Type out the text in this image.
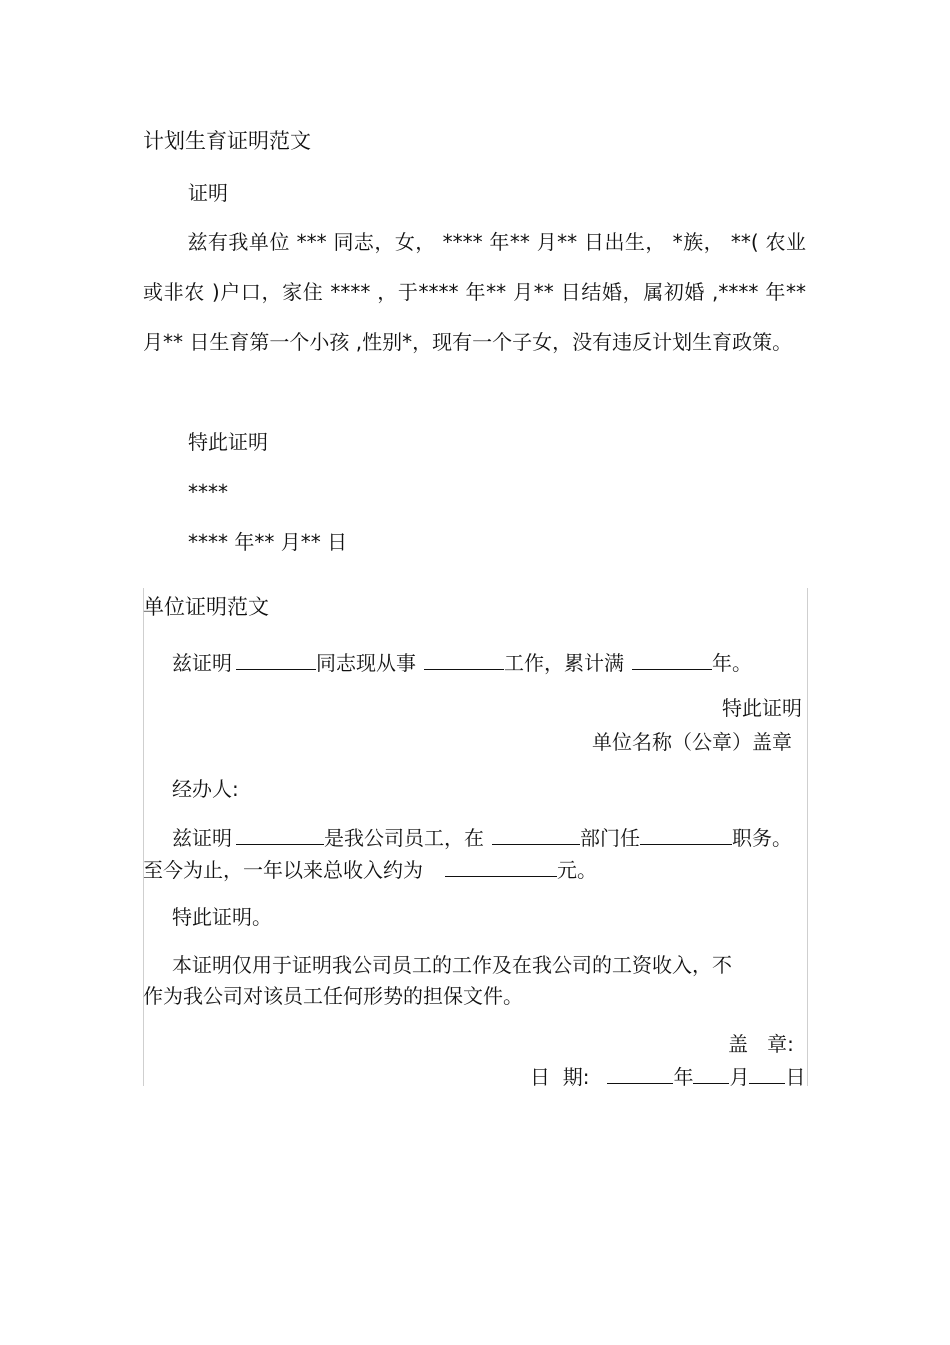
计划生育证明范文
证明
兹有我单位 *** 同志，女， **** 年** 月** 日出生， *族， **( 农业或非农 )户口，家住 **** ，于**** 年** 月** 日结婚，属初婚 ,**** 年** 月** 日生育第一个小孩 ,性别*，现有一个子女，没有违反计划生育政策。
特此证明
****
**** 年** 月** 日
单位证明范文
兹证明	同志现从事	工作，累计满	年。
特此证明
单位名称（公章）盖章
经办人:
兹证明	是我公司员工，在	部门任	职务。
至今为止，一年以来总收入约为	元。
特此证明。
本证明仅用于证明我公司员工的工作及在我公司的工资收入，不
作为我公司对该员工任何形势的担保文件。
盖   章:
日  期:	年 月 日
